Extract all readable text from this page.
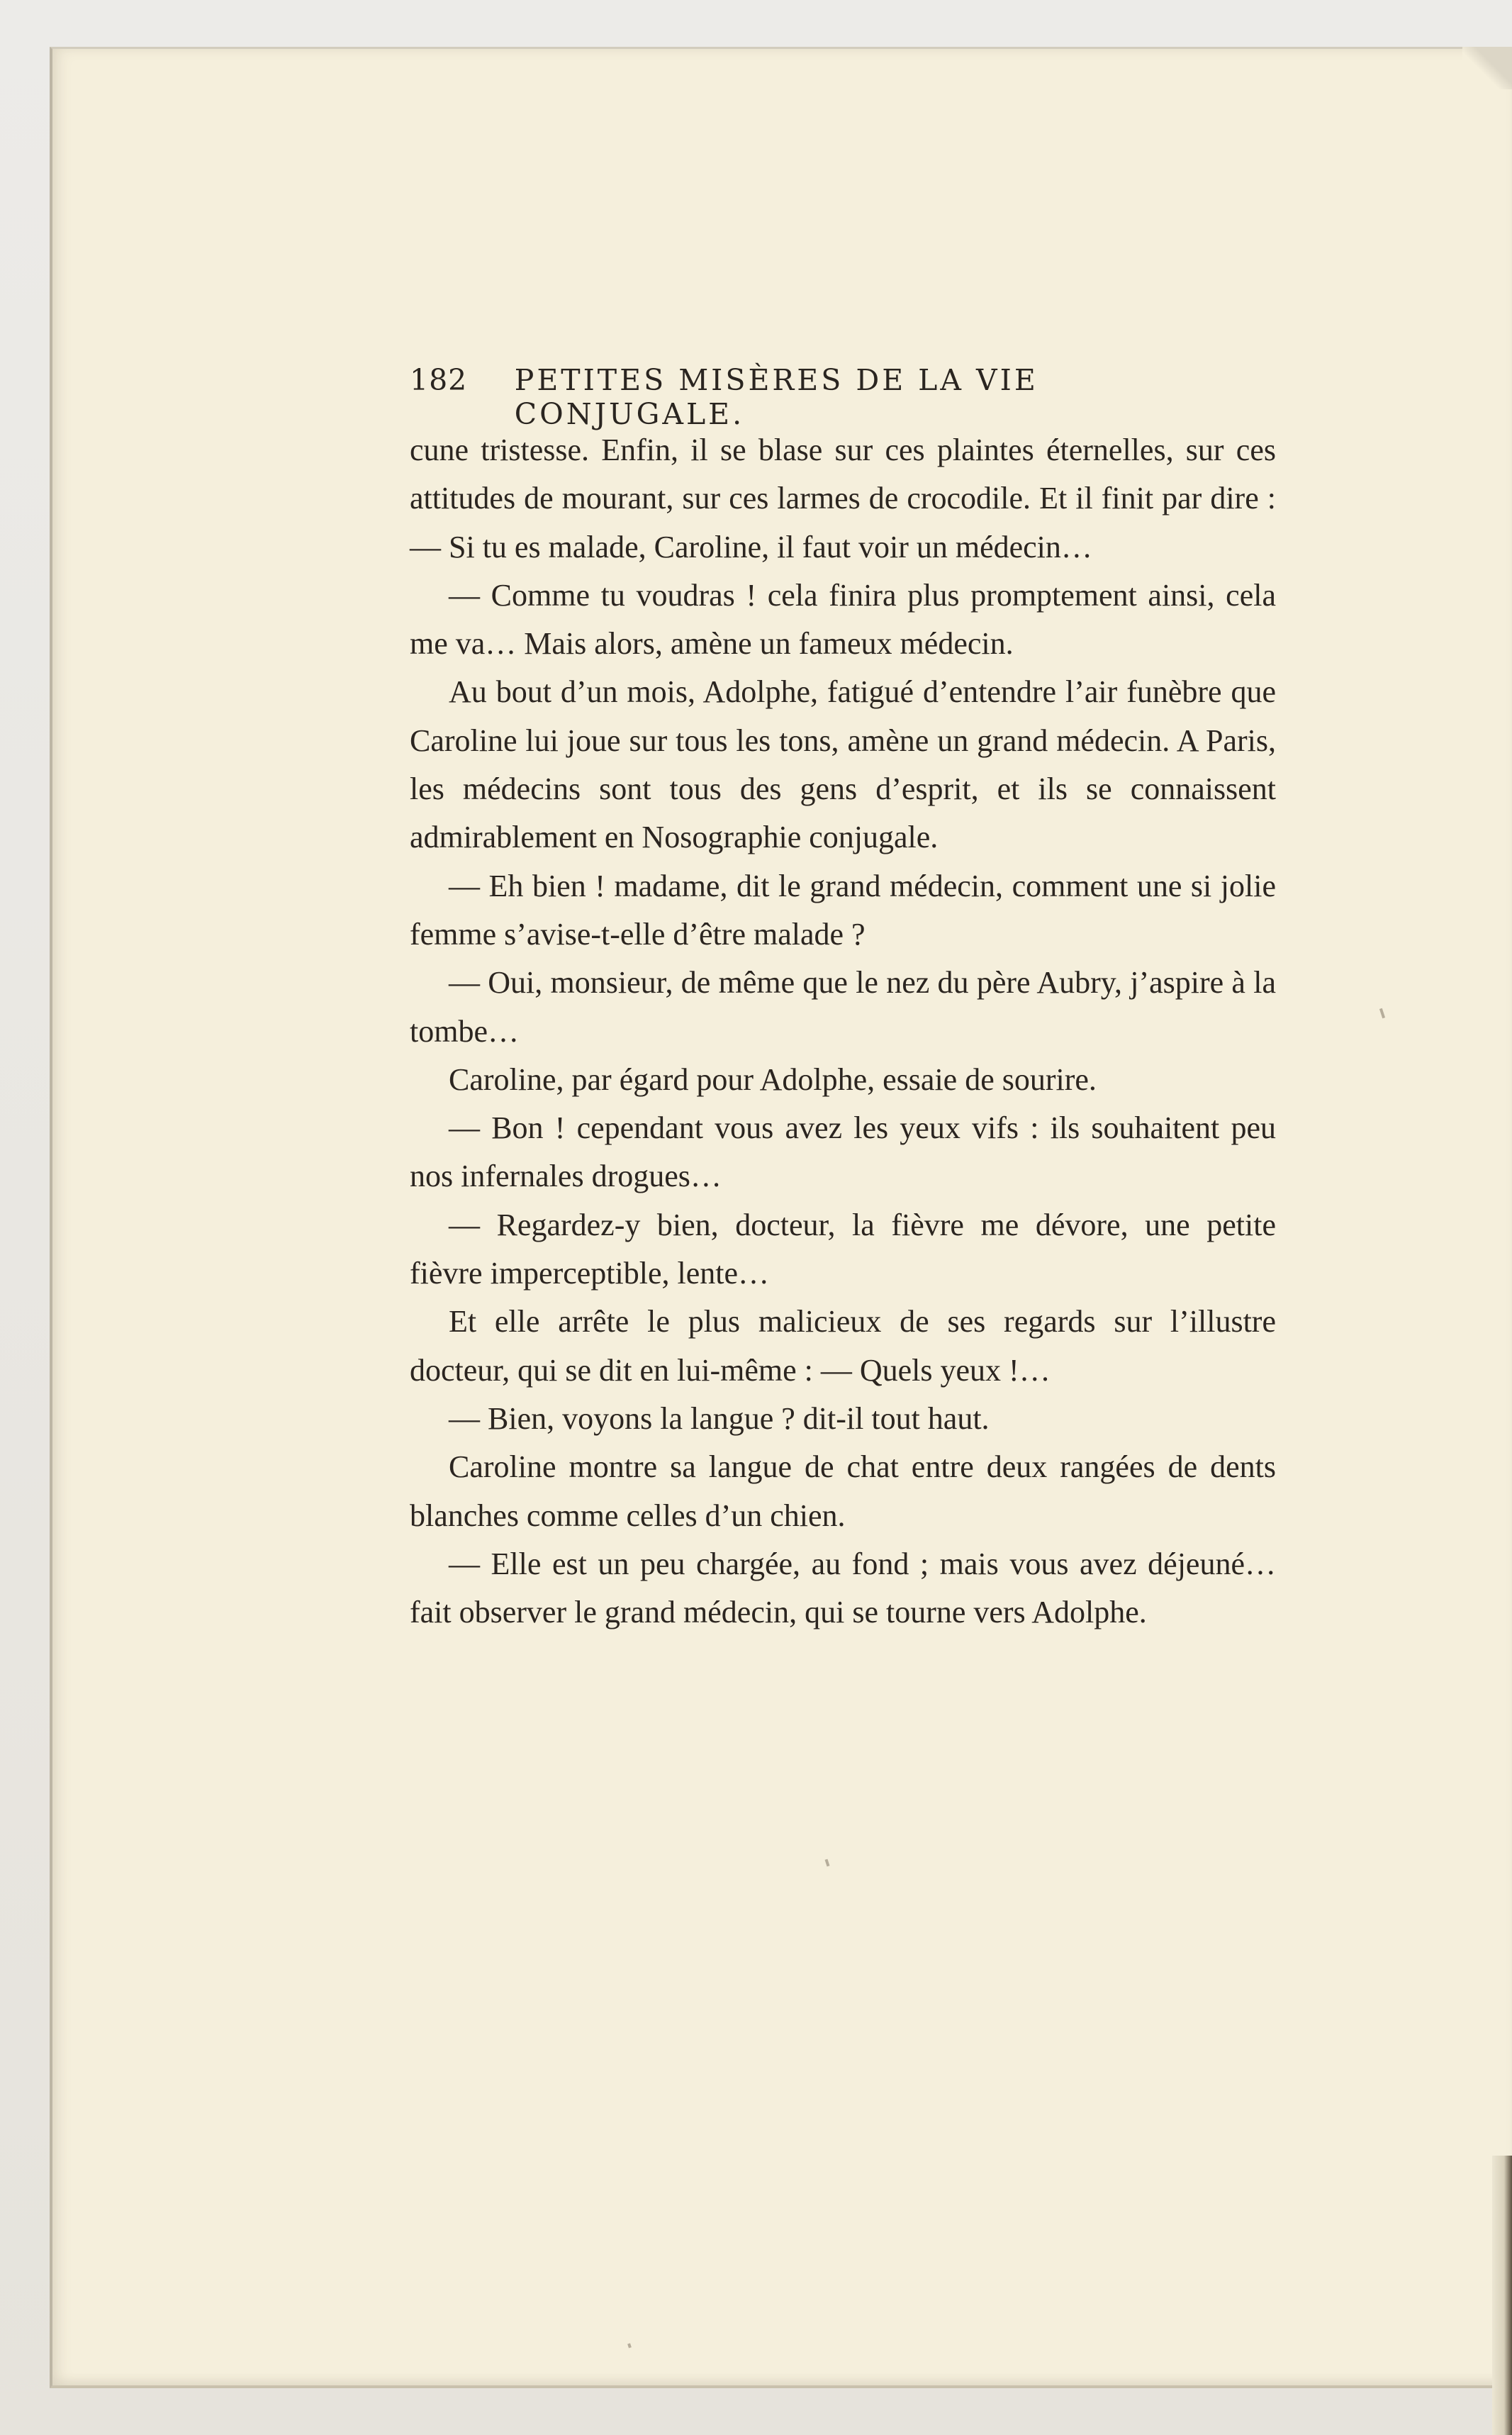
182	PETITES MISÈRES DE LA VIE CONJUGALE.

cune tristesse. Enfin, il se blase sur ces plaintes éternelles, sur ces attitudes de mourant, sur ces larmes de crocodile. Et il finit par dire : — Si tu es malade, Caroline, il faut voir un médecin…

— Comme tu voudras ! cela finira plus promptement ainsi, cela me va… Mais alors, amène un fameux médecin.

Au bout d’un mois, Adolphe, fatigué d’entendre l’air funèbre que Caroline lui joue sur tous les tons, amène un grand médecin. A Paris, les médecins sont tous des gens d’esprit, et ils se connaissent admirablement en Nosographie conjugale.

— Eh bien ! madame, dit le grand médecin, comment une si jolie femme s’avise-t-elle d’être malade ?

— Oui, monsieur, de même que le nez du père Aubry, j’aspire à la tombe…

Caroline, par égard pour Adolphe, essaie de sourire.

— Bon ! cependant vous avez les yeux vifs : ils souhaitent peu nos infernales drogues…

— Regardez-y bien, docteur, la fièvre me dévore, une petite fièvre imperceptible, lente…

Et elle arrête le plus malicieux de ses regards sur l’illustre docteur, qui se dit en lui-même : — Quels yeux !…

— Bien, voyons la langue ? dit-il tout haut.

Caroline montre sa langue de chat entre deux rangées de dents blanches comme celles d’un chien.

— Elle est un peu chargée, au fond ; mais vous avez déjeuné… fait observer le grand médecin, qui se tourne vers Adolphe.
